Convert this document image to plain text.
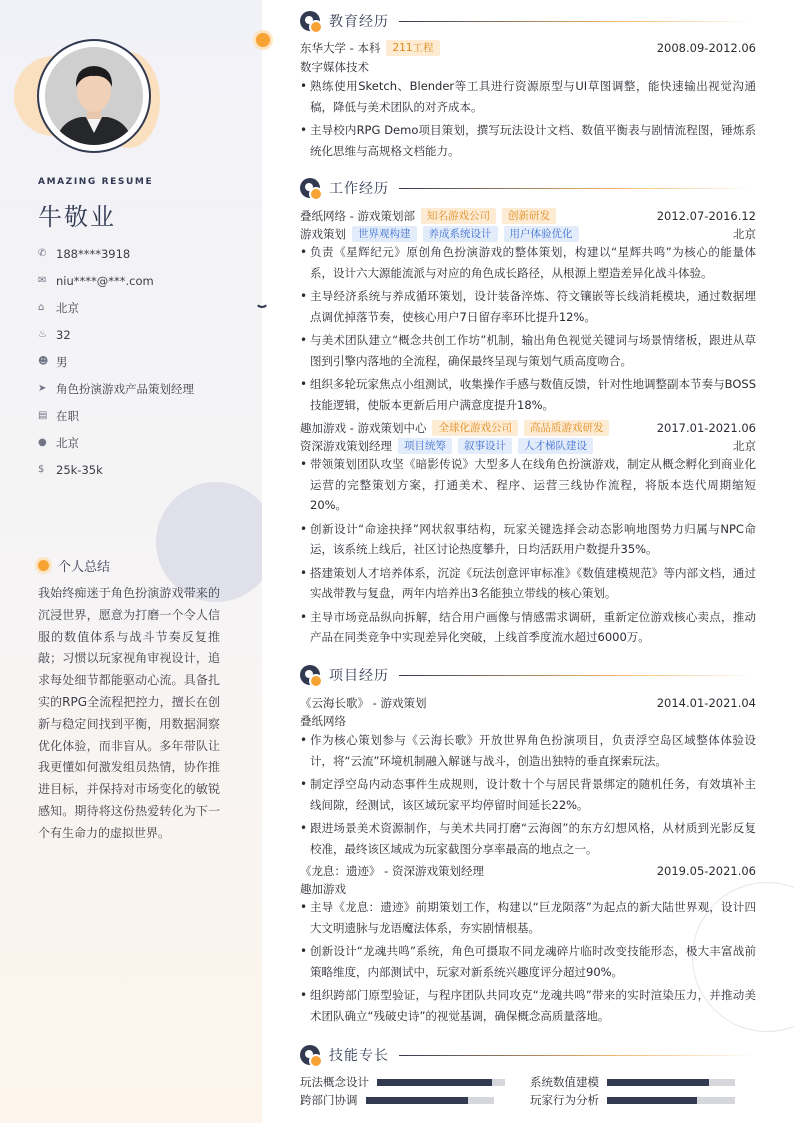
AMAZING RESUME
牛敬业
✆ 188****3918
✉ niu****@***.com
⌂	北京
♨ 32
☻ 男
➤ 角色扮演游戏产品策划经理
▤ 在职
● 北京
$	25k-35k
个人总结
我始终痴迷于角色扮演游戏带来的沉浸世界，愿意为打磨一个令人信服的数值体系与战斗节奏反复推敲；习惯以玩家视角审视设计，追求每处细节都能驱动心流。具备扎实的RPG全流程把控力，擅长在创新与稳定间找到平衡，用数据洞察优化体验，而非盲从。多年带队让我更懂如何激发组员热情，协作推进目标，并保持对市场变化的敏锐感知。期待将这份热爱转化为下一个有生命力的虚拟世界。
教育经历
东华大学 - 本科	211工程	2008.09-2012.06
数字媒体技术
• 熟练使用Sketch、Blender等工具进行资源原型与UI草图调整，能快速输出视觉沟通稿，降低与美术团队的对齐成本。
• 主导校内RPG Demo项目策划，撰写玩法设计文档、数值平衡表与剧情流程图，锤炼系统化思维与高规格文档能力。
工作经历
叠纸网络 - 游戏策划部	知名游戏公司	创新研发	2012.07-2016.12
游戏策划	世界观构建	养成系统设计	用户体验优化	北京
• 负责《星辉纪元》原创角色扮演游戏的整体策划，构建以“星辉共鸣”为核心的能量体系，设计六大源能流派与对应的角色成长路径，从根源上塑造差异化战斗体验。
• 主导经济系统与养成循环策划，设计装备淬炼、符文镶嵌等长线消耗模块，通过数据埋点调优掉落节奏，使核心用户7日留存率环比提升12%。
• 与美术团队建立“概念共创工作坊”机制，输出角色视觉关键词与场景情绪板，跟进从草图到引擎内落地的全流程，确保最终呈现与策划气质高度吻合。
• 组织多轮玩家焦点小组测试，收集操作手感与数值反馈，针对性地调整副本节奏与BOSS技能逻辑，使版本更新后用户满意度提升18%。
趣加游戏 - 游戏策划中心	全球化游戏公司	高品质游戏研发	2017.01-2021.06
资深游戏策划经理	项目统筹	叙事设计	人才梯队建设	北京
• 带领策划团队攻坚《暗影传说》大型多人在线角色扮演游戏，制定从概念孵化到商业化运营的完整策划方案，打通美术、程序、运营三线协作流程，将版本迭代周期缩短20%。
• 创新设计“命途抉择”网状叙事结构，玩家关键选择会动态影响地图势力归属与NPC命运，该系统上线后，社区讨论热度攀升，日均活跃用户数提升35%。
• 搭建策划人才培养体系，沉淀《玩法创意评审标准》《数值建模规范》等内部文档，通过实战带教与复盘，两年内培养出3名能独立带线的核心策划。
• 主导市场竞品纵向拆解，结合用户画像与情感需求调研，重新定位游戏核心卖点，推动产品在同类竞争中实现差异化突破，上线首季度流水超过6000万。
项目经历
《云海长歌》 - 游戏策划	2014.01-2021.04
叠纸网络
• 作为核心策划参与《云海长歌》开放世界角色扮演项目，负责浮空岛区域整体体验设计，将“云流”环境机制融入解谜与战斗，创造出独特的垂直探索玩法。
• 制定浮空岛内动态事件生成规则，设计数十个与居民背景绑定的随机任务，有效填补主线间隙，经测试，该区域玩家平均停留时间延长22%。
• 跟进场景美术资源制作，与美术共同打磨“云海阁”的东方幻想风格，从材质到光影反复校准，最终该区域成为玩家截图分享率最高的地点之一。
《龙息：遗迹》 - 资深游戏策划经理	2019.05-2021.06
趣加游戏
• 主导《龙息：遗迹》前期策划工作，构建以“巨龙陨落”为起点的新大陆世界观，设计四大文明遗脉与龙语魔法体系，夯实剧情根基。
• 创新设计“龙魂共鸣”系统，角色可摄取不同龙魂碎片临时改变技能形态，极大丰富战前策略维度，内部测试中，玩家对新系统兴趣度评分超过90%。
• 组织跨部门原型验证，与程序团队共同攻克“龙魂共鸣”带来的实时渲染压力，并推动美术团队确立“残破史诗”的视觉基调，确保概念高质量落地。
技能专长
玩法概念设计	系统数值建模
跨部门协调	玩家行为分析
